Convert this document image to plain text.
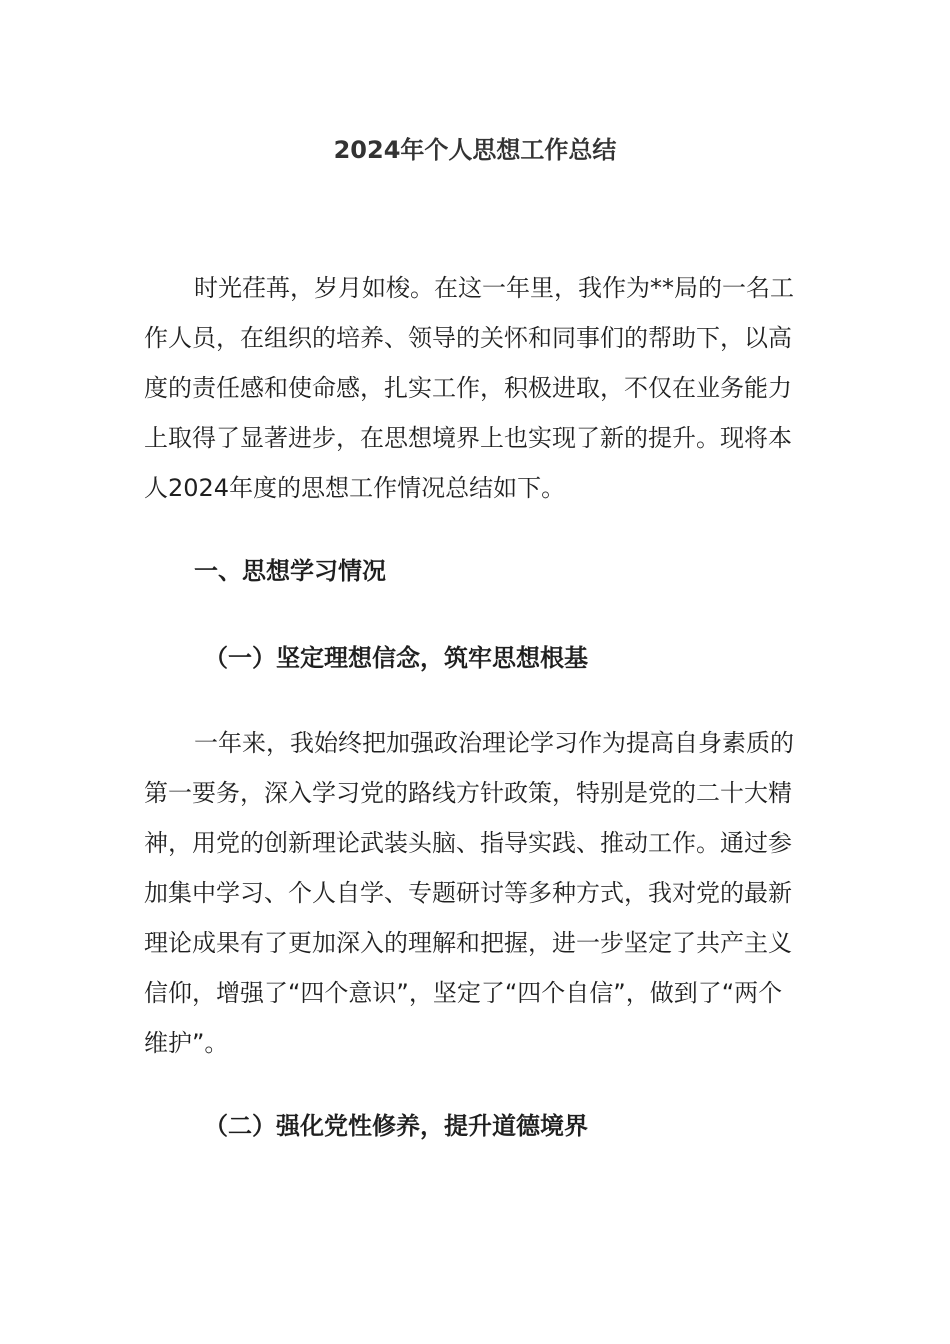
2024年个人思想工作总结

时光荏苒，岁月如梭。在这一年里，我作为**局的一名工作人员，在组织的培养、领导的关怀和同事们的帮助下，以高度的责任感和使命感，扎实工作，积极进取，不仅在业务能力上取得了显著进步，在思想境界上也实现了新的提升。现将本人2024年度的思想工作情况总结如下。

一、思想学习情况
（一）坚定理想信念，筑牢思想根基

一年来，我始终把加强政治理论学习作为提高自身素质的第一要务，深入学习党的路线方针政策，特别是党的二十大精神，用党的创新理论武装头脑、指导实践、推动工作。通过参加集中学习、个人自学、专题研讨等多种方式，我对党的最新理论成果有了更加深入的理解和把握，进一步坚定了共产主义信仰，增强了“四个意识”，坚定了“四个自信”，做到了“两个维护”。

（二）强化党性修养，提升道德境界
